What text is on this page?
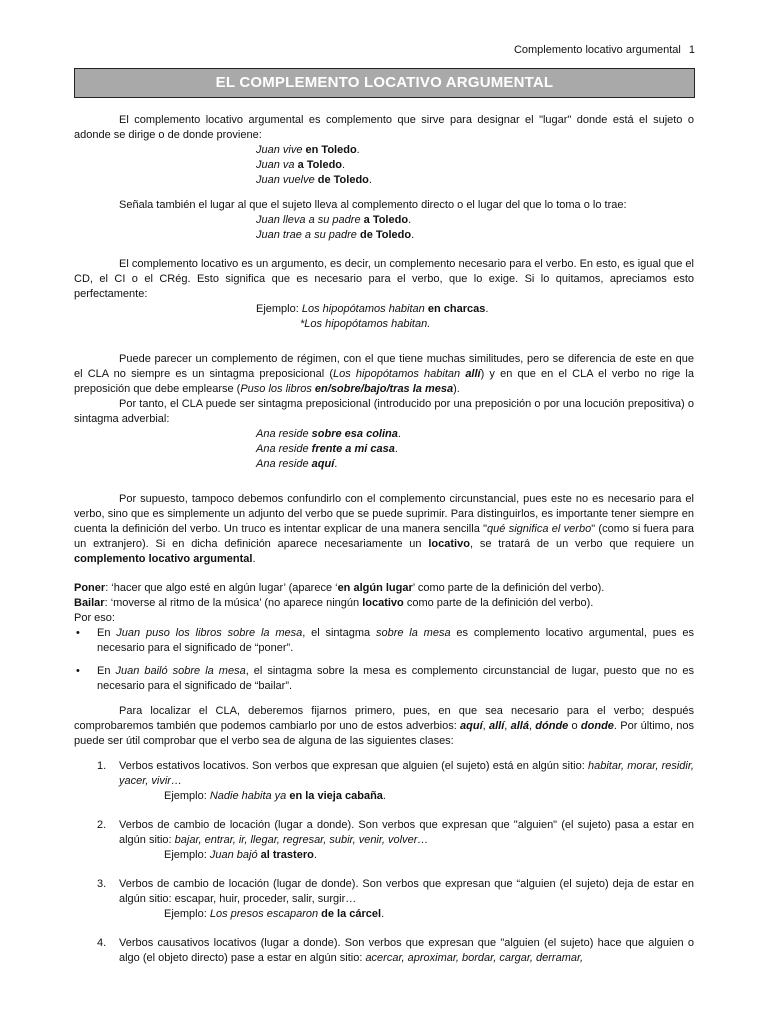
Complemento locativo argumental 1
EL COMPLEMENTO LOCATIVO ARGUMENTAL

El complemento locativo argumental es complemento que sirve para designar el "lugar" donde está el sujeto o adonde se dirige o de donde proviene:

Juan vive en Toledo.

Juan va a Toledo.

Juan vuelve de Toledo.

Señala también el lugar al que el sujeto lleva al complemento directo o el lugar del que lo toma o lo trae:

Juan lleva a su padre a Toledo.

Juan trae a su padre de Toledo.

El complemento locativo es un argumento, es decir, un complemento necesario para el verbo. En esto, es igual que el CD, el CI o el CRég. Esto significa que es necesario para el verbo, que lo exige. Si lo quitamos, apreciamos esto perfectamente:

Ejemplo: Los hipopótamos habitan en charcas.

*Los hipopótamos habitan.

Puede parecer un complemento de régimen, con el que tiene muchas similitudes, pero se diferencia de este en que el CLA no siempre es un sintagma preposicional (Los hipopótamos habitan allí) y en que en el CLA el verbo no rige la preposición que debe emplearse (Puso los libros en/sobre/bajo/tras la mesa).

Por tanto, el CLA puede ser sintagma preposicional (introducido por una preposición o por una locución prepositiva) o sintagma adverbial:

Ana reside sobre esa colina.

Ana reside frente a mi casa.

Ana reside aquí.

Por supuesto, tampoco debemos confundirlo con el complemento circunstancial, pues este no es necesario para el verbo, sino que es simplemente un adjunto del verbo que se puede suprimir. Para distinguirlos, es importante tener siempre en cuenta la definición del verbo. Un truco es intentar explicar de una manera sencilla "qué significa el verbo" (como si fuera para un extranjero). Si en dicha definición aparece necesariamente un locativo, se tratará de un verbo que requiere un complemento locativo argumental.

Poner: ‘hacer que algo esté en algún lugar’ (aparece ‘en algún lugar’ como parte de la definición del verbo).

Bailar: ‘moverse al ritmo de la música’ (no aparece ningún locativo como parte de la definición del verbo).

Por eso:

• En Juan puso los libros sobre la mesa, el sintagma sobre la mesa es complemento locativo argumental, pues es necesario para el significado de “poner”.
• En Juan bailó sobre la mesa, el sintagma sobre la mesa es complemento circunstancial de lugar, puesto que no es necesario para el significado de “bailar”.

Para localizar el CLA, deberemos fijarnos primero, pues, en que sea necesario para el verbo; después comprobaremos también que podemos cambiarlo por uno de estos adverbios: aquí, allí, allá, dónde o donde. Por último, nos puede ser útil comprobar que el verbo sea de alguna de las siguientes clases:

1. Verbos estativos locativos. Son verbos que expresan que alguien (el sujeto) está en algún sitio: habitar, morar, residir, yacer, vivir…
Ejemplo: Nadie habita ya en la vieja cabaña.
2. Verbos de cambio de locación (lugar a donde). Son verbos que expresan que "alguien" (el sujeto) pasa a estar en algún sitio: bajar, entrar, ir, llegar, regresar, subir, venir, volver…
Ejemplo: Juan bajó al trastero.
3. Verbos de cambio de locación (lugar de donde). Son verbos que expresan que “alguien (el sujeto) deja de estar en algún sitio: escapar, huir, proceder, salir, surgir…
Ejemplo: Los presos escaparon de la cárcel.
4. Verbos causativos locativos (lugar a donde). Son verbos que expresan que "alguien (el sujeto) hace que alguien o algo (el objeto directo) pase a estar en algún sitio: acercar, aproximar, bordar, cargar, derramar,
